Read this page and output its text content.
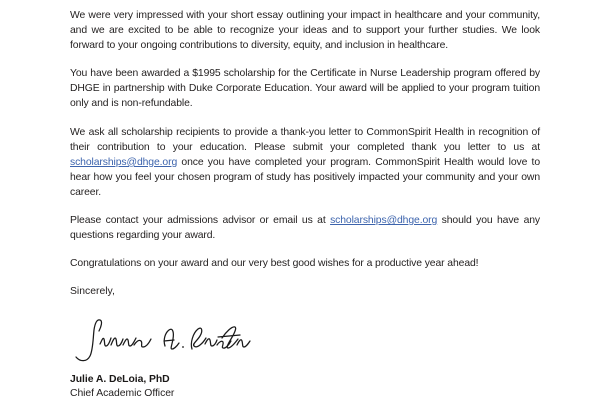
We were very impressed with your short essay outlining your impact in healthcare and your community, and we are excited to be able to recognize your ideas and to support your further studies. We look forward to your ongoing contributions to diversity, equity, and inclusion in healthcare.

You have been awarded a $1995 scholarship for the Certificate in Nurse Leadership program offered by DHGE in partnership with Duke Corporate Education. Your award will be applied to your program tuition only and is non-refundable.

We ask all scholarship recipients to provide a thank-you letter to CommonSpirit Health in recognition of their contribution to your education. Please submit your completed thank you letter to us at scholarships@dhge.org once you have completed your program. CommonSpirit Health would love to hear how you feel your chosen program of study has positively impacted your community and your own career.

Please contact your admissions advisor or email us at scholarships@dhge.org should you have any questions regarding your award.

Congratulations on your award and our very best good wishes for a productive year ahead!

Sincerely,

Julie A. DeLoia, PhD
Chief Academic Officer
